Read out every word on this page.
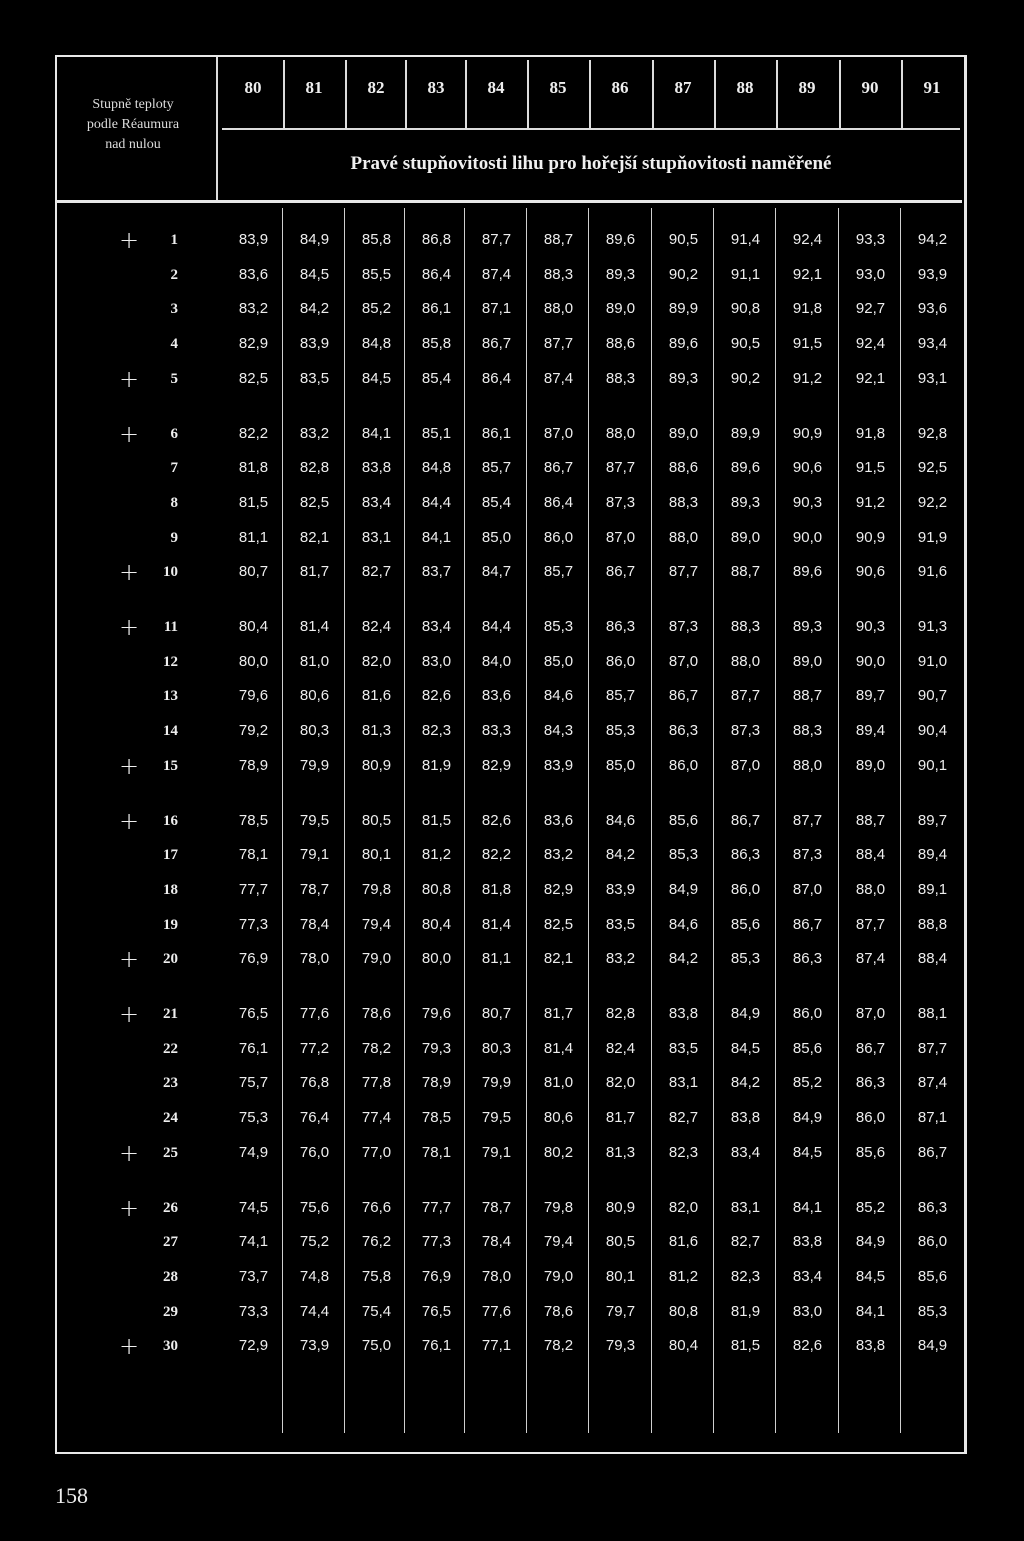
Stupně teploty
podle Réaumura
nad nulou
80	81	82	83	84	85	86	87	88	89	90	91
Pravé stupňovitosti lihu pro hořejší stupňovitosti naměřené
+	1	83,9	84,9	85,8	86,8	87,7	88,7	89,6	90,5	91,4	92,4	93,3	94,2
2	83,6	84,5	85,5	86,4	87,4	88,3	89,3	90,2	91,1	92,1	93,0	93,9
3	83,2	84,2	85,2	86,1	87,1	88,0	89,0	89,9	90,8	91,8	92,7	93,6
4	82,9	83,9	84,8	85,8	86,7	87,7	88,6	89,6	90,5	91,5	92,4	93,4
+	5	82,5	83,5	84,5	85,4	86,4	87,4	88,3	89,3	90,2	91,2	92,1	93,1
+	6	82,2	83,2	84,1	85,1	86,1	87,0	88,0	89,0	89,9	90,9	91,8	92,8
7	81,8	82,8	83,8	84,8	85,7	86,7	87,7	88,6	89,6	90,6	91,5	92,5
8	81,5	82,5	83,4	84,4	85,4	86,4	87,3	88,3	89,3	90,3	91,2	92,2
9	81,1	82,1	83,1	84,1	85,0	86,0	87,0	88,0	89,0	90,0	90,9	91,9
+	10	80,7	81,7	82,7	83,7	84,7	85,7	86,7	87,7	88,7	89,6	90,6	91,6
+	11	80,4	81,4	82,4	83,4	84,4	85,3	86,3	87,3	88,3	89,3	90,3	91,3
12	80,0	81,0	82,0	83,0	84,0	85,0	86,0	87,0	88,0	89,0	90,0	91,0
13	79,6	80,6	81,6	82,6	83,6	84,6	85,7	86,7	87,7	88,7	89,7	90,7
14	79,2	80,3	81,3	82,3	83,3	84,3	85,3	86,3	87,3	88,3	89,4	90,4
+	15	78,9	79,9	80,9	81,9	82,9	83,9	85,0	86,0	87,0	88,0	89,0	90,1
+	16	78,5	79,5	80,5	81,5	82,6	83,6	84,6	85,6	86,7	87,7	88,7	89,7
17	78,1	79,1	80,1	81,2	82,2	83,2	84,2	85,3	86,3	87,3	88,4	89,4
18	77,7	78,7	79,8	80,8	81,8	82,9	83,9	84,9	86,0	87,0	88,0	89,1
19	77,3	78,4	79,4	80,4	81,4	82,5	83,5	84,6	85,6	86,7	87,7	88,8
+	20	76,9	78,0	79,0	80,0	81,1	82,1	83,2	84,2	85,3	86,3	87,4	88,4
+	21	76,5	77,6	78,6	79,6	80,7	81,7	82,8	83,8	84,9	86,0	87,0	88,1
22	76,1	77,2	78,2	79,3	80,3	81,4	82,4	83,5	84,5	85,6	86,7	87,7
23	75,7	76,8	77,8	78,9	79,9	81,0	82,0	83,1	84,2	85,2	86,3	87,4
24	75,3	76,4	77,4	78,5	79,5	80,6	81,7	82,7	83,8	84,9	86,0	87,1
+	25	74,9	76,0	77,0	78,1	79,1	80,2	81,3	82,3	83,4	84,5	85,6	86,7
+	26	74,5	75,6	76,6	77,7	78,7	79,8	80,9	82,0	83,1	84,1	85,2	86,3
27	74,1	75,2	76,2	77,3	78,4	79,4	80,5	81,6	82,7	83,8	84,9	86,0
28	73,7	74,8	75,8	76,9	78,0	79,0	80,1	81,2	82,3	83,4	84,5	85,6
29	73,3	74,4	75,4	76,5	77,6	78,6	79,7	80,8	81,9	83,0	84,1	85,3
+	30	72,9	73,9	75,0	76,1	77,1	78,2	79,3	80,4	81,5	82,6	83,8	84,9
158
